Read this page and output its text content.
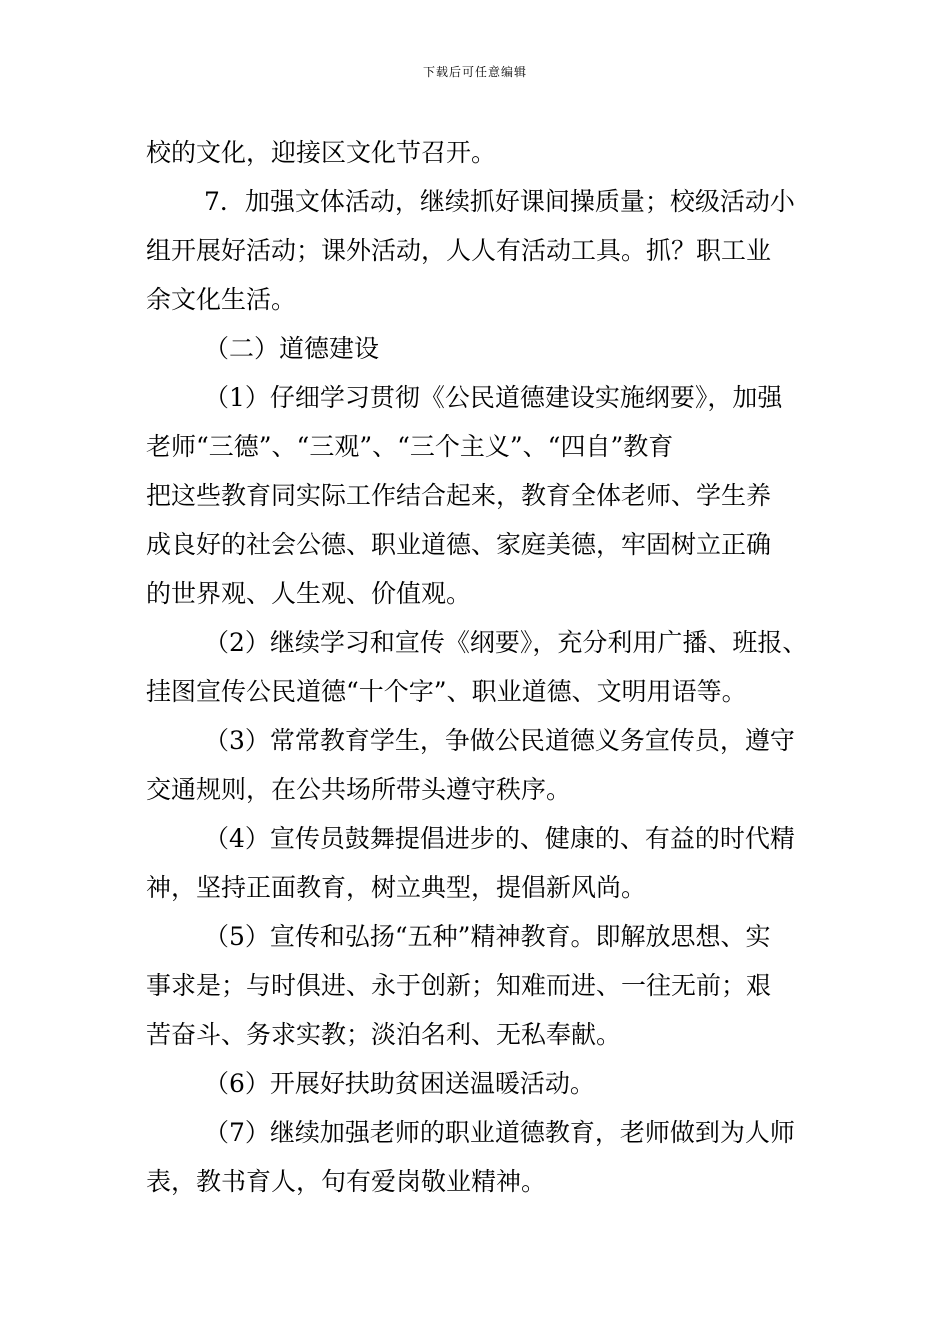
下载后可任意编辑
校的文化，迎接区文化节召开。
7．加强文体活动，继续抓好课间操质量；校级活动小
组开展好活动；课外活动，人人有活动工具。抓？职工业
余文化生活。
（二）道德建设
（1）仔细学习贯彻《公民道德建设实施纲要》，加强
老师“三德”、“三观”、“三个主义”、“四自”教育
把这些教育同实际工作结合起来，教育全体老师、学生养
成良好的社会公德、职业道德、家庭美德，牢固树立正确
的世界观、人生观、价值观。
（2）继续学习和宣传《纲要》，充分利用广播、班报、
挂图宣传公民道德“十个字”、职业道德、文明用语等。
（3）常常教育学生，争做公民道德义务宣传员，遵守
交通规则，在公共场所带头遵守秩序。
（4）宣传员鼓舞提倡进步的、健康的、有益的时代精
神，坚持正面教育，树立典型，提倡新风尚。
（5）宣传和弘扬“五种”精神教育。即解放思想、实
事求是；与时俱进、永于创新；知难而进、一往无前；艰
苦奋斗、务求实教；淡泊名利、无私奉献。
（6）开展好扶助贫困送温暖活动。
（7）继续加强老师的职业道德教育，老师做到为人师
表，教书育人，句有爱岗敬业精神。
